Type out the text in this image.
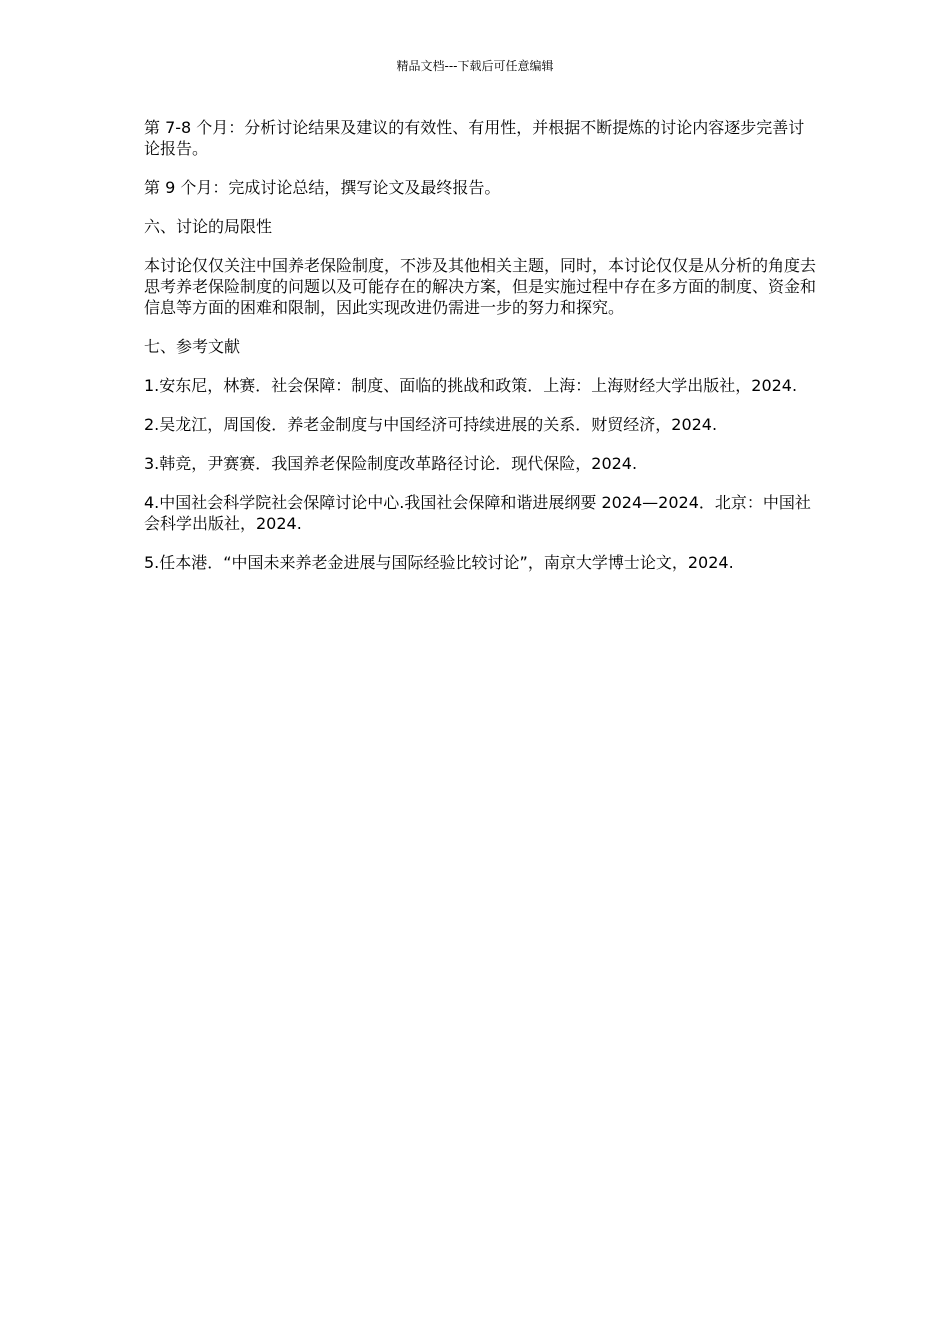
精品文档---下载后可任意编辑

第 7-8 个月：分析讨论结果及建议的有效性、有用性，并根据不断提炼的讨论内容逐步完善讨论报告。

第 9 个月：完成讨论总结，撰写论文及最终报告。

六、讨论的局限性

本讨论仅仅关注中国养老保险制度，不涉及其他相关主题，同时，本讨论仅仅是从分析的角度去思考养老保险制度的问题以及可能存在的解决方案，但是实施过程中存在多方面的制度、资金和信息等方面的困难和限制，因此实现改进仍需进一步的努力和探究。

七、参考文献

1.安东尼，林赛．社会保障：制度、面临的挑战和政策．上海：上海财经大学出版社，2024.

2.吴龙江，周国俊．养老金制度与中国经济可持续进展的关系．财贸经济，2024.

3.韩竞，尹赛赛．我国养老保险制度改革路径讨论．现代保险，2024.

4.中国社会科学院社会保障讨论中心.我国社会保障和谐进展纲要 2024—2024．北京：中国社会科学出版社，2024.

5.任本港．“中国未来养老金进展与国际经验比较讨论”，南京大学博士论文，2024.
